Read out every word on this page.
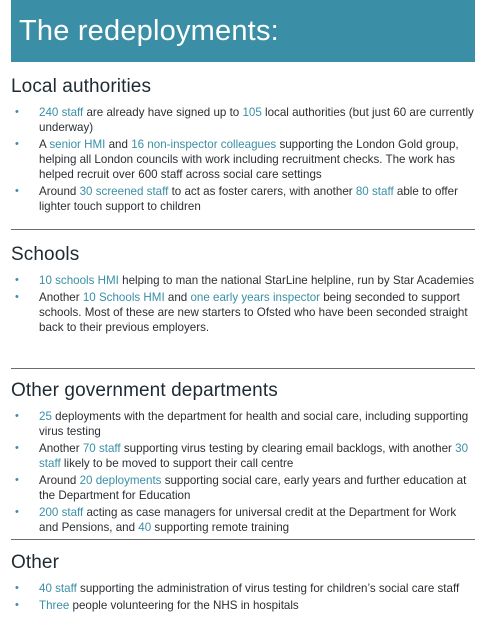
The redeployments:
Local authorities
• 240 staff are already have signed up to 105 local authorities (but just 60 are currently underway)
• A senior HMI and 16 non-inspector colleagues supporting the London Gold group, helping all London councils with work including recruitment checks. The work has helped recruit over 600 staff across social care settings
• Around 30 screened staff to act as foster carers, with another 80 staff able to offer lighter touch support to children
Schools
• 10 schools HMI helping to man the national StarLine helpline, run by Star Academies
• Another 10 Schools HMI and one early years inspector being seconded to support schools. Most of these are new starters to Ofsted who have been seconded straight back to their previous employers.
Other government departments
• 25 deployments with the department for health and social care, including supporting virus testing
• Another 70 staff supporting virus testing by clearing email backlogs, with another 30 staff likely to be moved to support their call centre
• Around 20 deployments supporting social care, early years and further education at the Department for Education
• 200 staff acting as case managers for universal credit at the Department for Work and Pensions, and 40 supporting remote training
Other
• 40 staff supporting the administration of virus testing for children’s social care staff
• Three people volunteering for the NHS in hospitals
